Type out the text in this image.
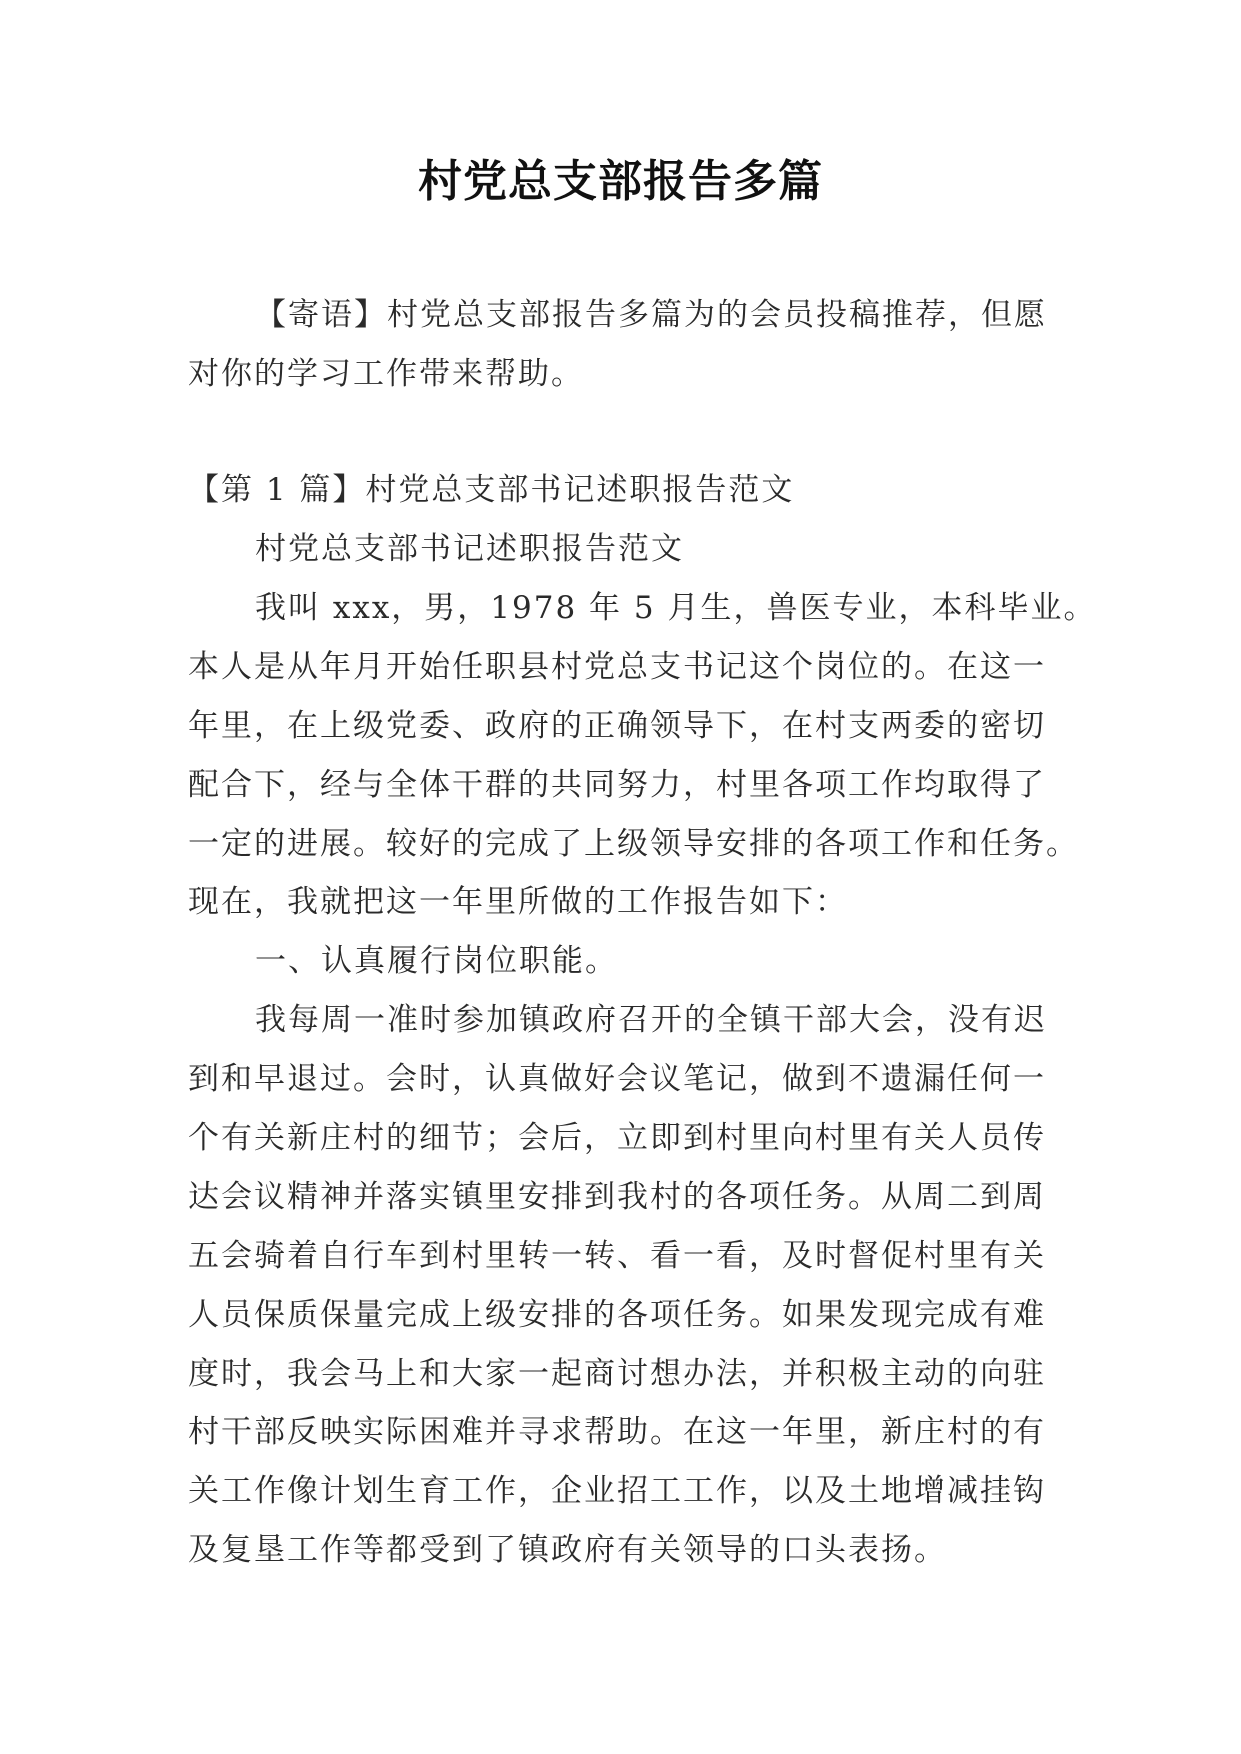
村党总支部报告多篇
【寄语】村党总支部报告多篇为的会员投稿推荐，但愿
对你的学习工作带来帮助。
【第 1 篇】村党总支部书记述职报告范文
村党总支部书记述职报告范文
我叫 xxx，男，1978 年 5 月生，兽医专业，本科毕业。
本人是从年月开始任职县村党总支书记这个岗位的。在这一
年里，在上级党委、政府的正确领导下，在村支两委的密切
配合下，经与全体干群的共同努力，村里各项工作均取得了
一定的进展。较好的完成了上级领导安排的各项工作和任务。
现在，我就把这一年里所做的工作报告如下：
一、认真履行岗位职能。
我每周一准时参加镇政府召开的全镇干部大会，没有迟
到和早退过。会时，认真做好会议笔记，做到不遗漏任何一
个有关新庄村的细节；会后，立即到村里向村里有关人员传
达会议精神并落实镇里安排到我村的各项任务。从周二到周
五会骑着自行车到村里转一转、看一看，及时督促村里有关
人员保质保量完成上级安排的各项任务。如果发现完成有难
度时，我会马上和大家一起商讨想办法，并积极主动的向驻
村干部反映实际困难并寻求帮助。在这一年里，新庄村的有
关工作像计划生育工作，企业招工工作，以及土地增减挂钩
及复垦工作等都受到了镇政府有关领导的口头表扬。
